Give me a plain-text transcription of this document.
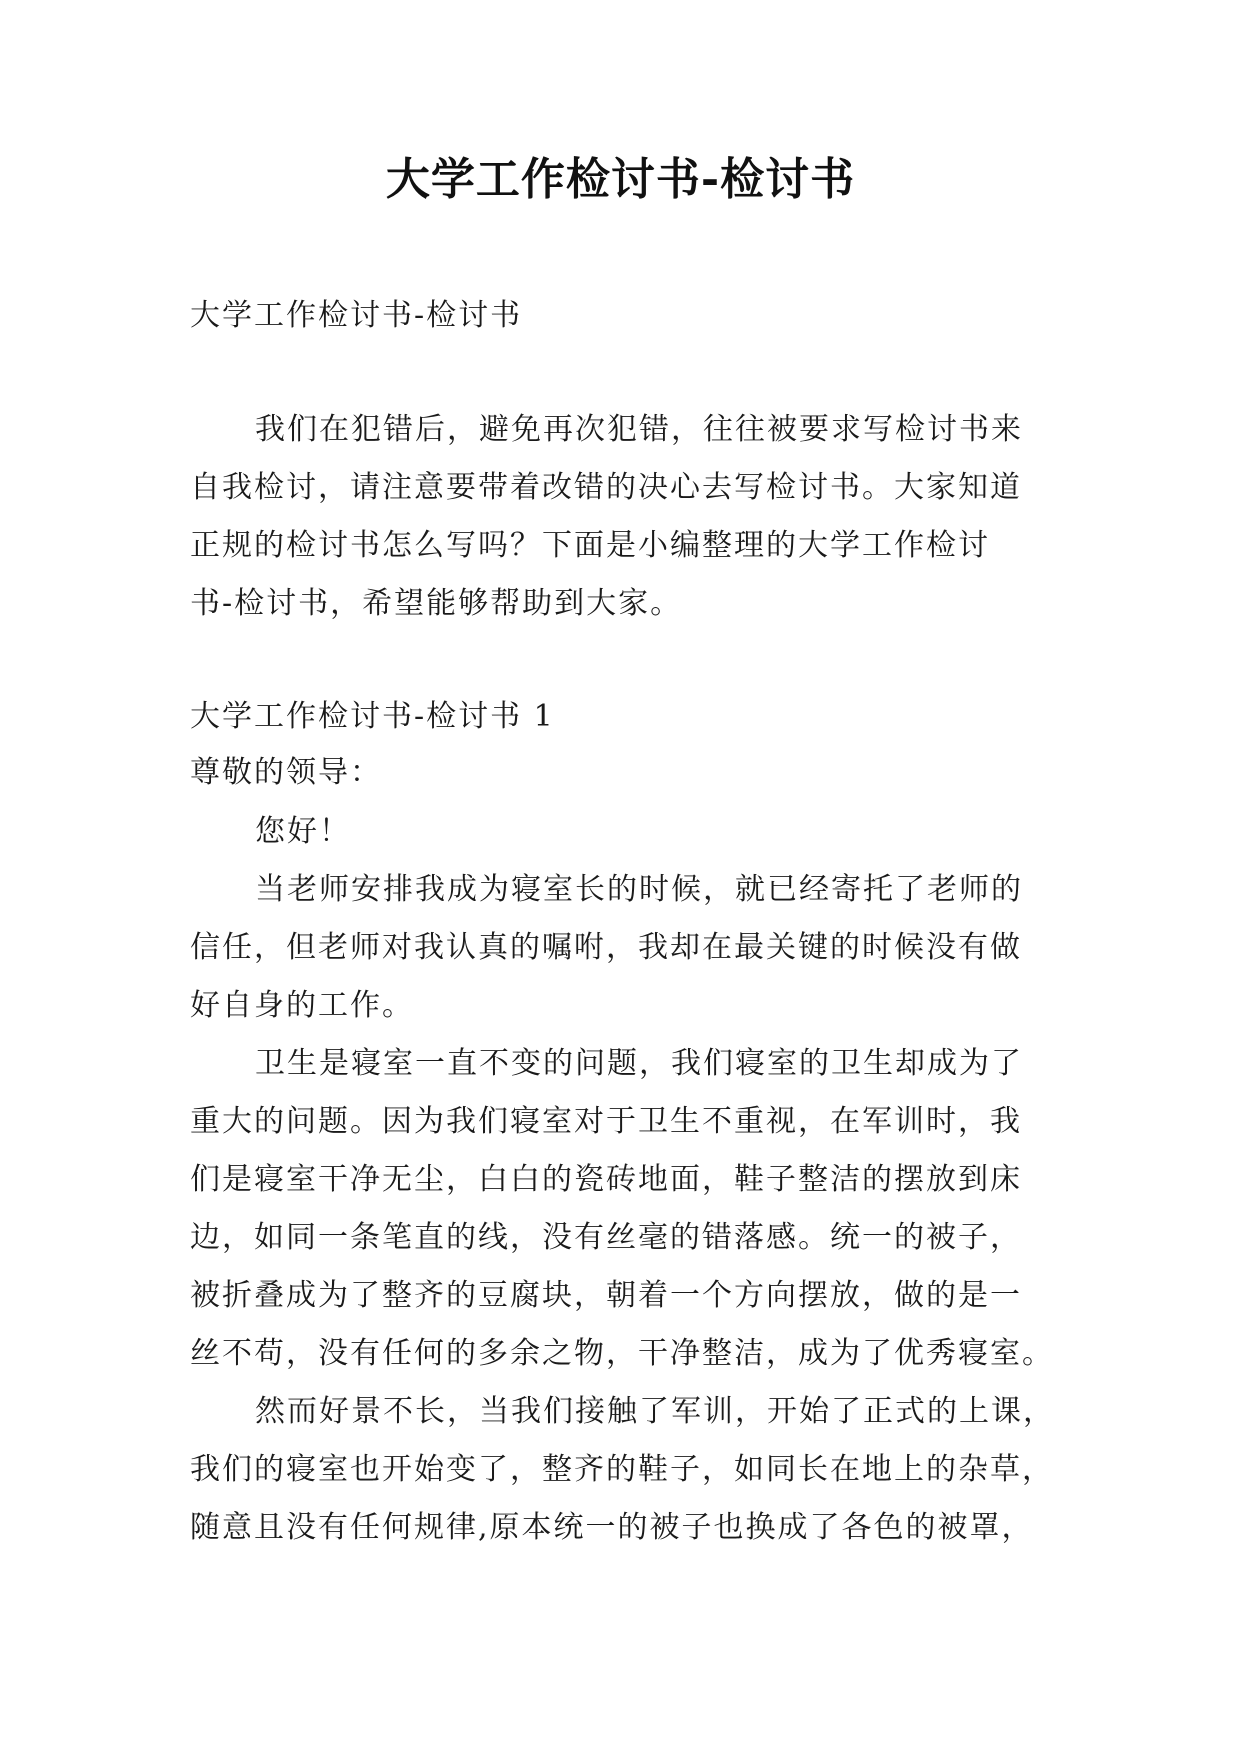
大学工作检讨书-检讨书
大学工作检讨书-检讨书
我们在犯错后，避免再次犯错，往往被要求写检讨书来
自我检讨，请注意要带着改错的决心去写检讨书。大家知道
正规的检讨书怎么写吗？下面是小编整理的大学工作检讨
书-检讨书，希望能够帮助到大家。
大学工作检讨书-检讨书 1
尊敬的领导：
您好！
当老师安排我成为寝室长的时候，就已经寄托了老师的
信任，但老师对我认真的嘱咐，我却在最关键的时候没有做
好自身的工作。
卫生是寝室一直不变的问题，我们寝室的卫生却成为了
重大的问题。因为我们寝室对于卫生不重视，在军训时，我
们是寝室干净无尘，白白的瓷砖地面，鞋子整洁的摆放到床
边，如同一条笔直的线，没有丝毫的错落感。统一的被子，
被折叠成为了整齐的豆腐块，朝着一个方向摆放，做的是一
丝不苟，没有任何的多余之物，干净整洁，成为了优秀寝室。
然而好景不长，当我们接触了军训，开始了正式的上课，
我们的寝室也开始变了，整齐的鞋子，如同长在地上的杂草，
随意且没有任何规律,原本统一的被子也换成了各色的被罩，
